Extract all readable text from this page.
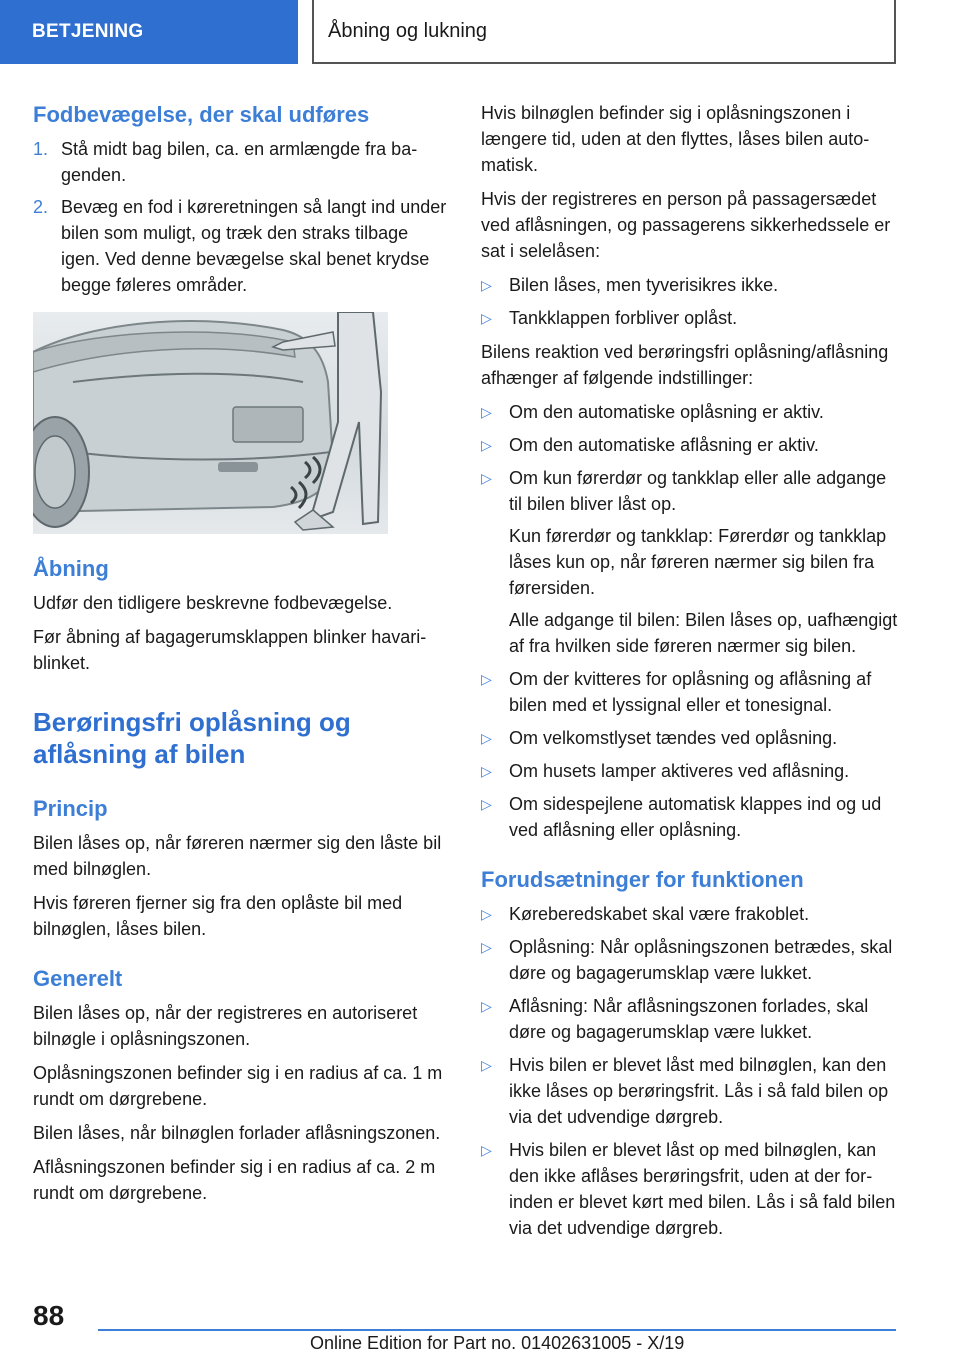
BETJENING	Åbning og lukning
Fodbevægelse, der skal udføres
1. Stå midt bag bilen, ca. en armlængde fra bagenden.
2. Bevæg en fod i køreretningen så langt ind under bilen som muligt, og træk den straks tilbage igen. Ved denne bevægelse skal benet krydse begge føleres områder.
Åbning

Udfør den tidligere beskrevne fodbevægelse.

Før åbning af bagagerumsklappen blinker havariblinket.

Berøringsfri oplåsning og aflåsning af bilen
Princip

Bilen låses op, når føreren nærmer sig den låste bil med bilnøglen.

Hvis føreren fjerner sig fra den oplåste bil med bilnøglen, låses bilen.

Generelt

Bilen låses op, når der registreres en autoriseret bilnøgle i oplåsningszonen.

Oplåsningszonen befinder sig i en radius af ca. 1 m rundt om dørgrebene.

Bilen låses, når bilnøglen forlader aflåsningszonen.

Aflåsningszonen befinder sig i en radius af ca. 2 m rundt om dørgrebene.

Hvis bilnøglen befinder sig i oplåsningszonen i længere tid, uden at den flyttes, låses bilen automatisk.

Hvis der registreres en person på passagersædet ved aflåsningen, og passagerens sikkerhedssele er sat i selelåsen:

▷ Bilen låses, men tyverisikres ikke.
▷ Tankklappen forbliver oplåst.

Bilens reaktion ved berøringsfri oplåsning/aflåsning afhænger af følgende indstillinger:

▷ Om den automatiske oplåsning er aktiv.
▷ Om den automatiske aflåsning er aktiv.
▷ Om kun førerdør og tankklap eller alle adgange til bilen bliver låst op.
Kun førerdør og tankklap: Førerdør og tankklap låses kun op, når føreren nærmer sig bilen fra førersiden.
Alle adgange til bilen: Bilen låses op, uafhængigt af fra hvilken side føreren nærmer sig bilen.
▷ Om der kvitteres for oplåsning og aflåsning af bilen med et lyssignal eller et tonesignal.
▷ Om velkomstlyset tændes ved oplåsning.
▷ Om husets lamper aktiveres ved aflåsning.
▷ Om sidespejlene automatisk klappes ind og ud ved aflåsning eller oplåsning.
Forudsætninger for funktionen
▷ Køreberedskabet skal være frakoblet.
▷ Oplåsning: Når oplåsningszonen betrædes, skal døre og bagagerumsklap være lukket.
▷ Aflåsning: Når aflåsningszonen forlades, skal døre og bagagerumsklap være lukket.
▷ Hvis bilen er blevet låst med bilnøglen, kan den ikke låses op berøringsfrit. Lås i så fald bilen op via det udvendige dørgreb.
▷ Hvis bilen er blevet låst op med bilnøglen, kan den ikke aflåses berøringsfrit, uden at der forinden er blevet kørt med bilen. Lås i så fald bilen via det udvendige dørgreb.
88
Online Edition for Part no. 01402631005 - X/19
